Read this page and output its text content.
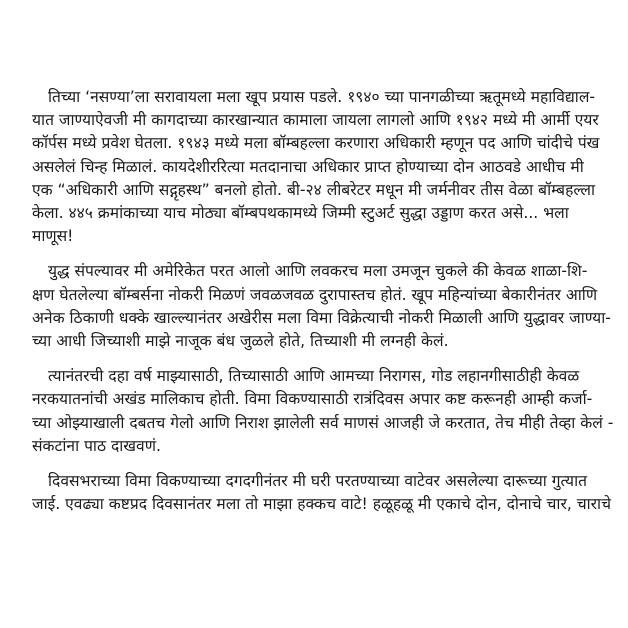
तिच्या ‘नसण्या’ला सरावायला मला खूप प्रयास पडले. १९४० च्या पानगळीच्या ऋतूमध्ये महाविद्याल-
यात जाण्याऐवजी मी कागदाच्या कारखान्यात कामाला जायला लागलो आणि १९४२ मध्ये मी आर्मी एयर
कॉर्पस मध्ये प्रवेश घेतला. १९४३ मध्ये मला बॉम्बहल्ला करणारा अधिकारी म्हणून पद आणि चांदीचे पंख
असलेलं चिन्ह मिळालं. कायदेशीररित्या मतदानाचा अधिकार प्राप्त होण्याच्या दोन आठवडे आधीच मी
एक “अधिकारी आणि सद्गृहस्थ” बनलो होतो. बी-२४ लीबरेटर मधून मी जर्मनीवर तीस वेळा बॉम्बहल्ला
केला. ४४५ क्रमांकाच्या याच मोठ्या बॉम्बपथकामध्ये जिम्मी स्टुअर्ट सुद्धा उड्डाण करत असे... भला
माणूस!

युद्ध संपल्यावर मी अमेरिकेत परत आलो आणि लवकरच मला उमजून चुकले की केवळ शाळा-शि-
क्षण घेतलेल्या बॉम्बर्सना नोकरी मिळणं जवळजवळ दुरापास्तच होतं. खूप महिन्यांच्या बेकारीनंतर आणि
अनेक ठिकाणी धक्के खाल्ल्यानंतर अखेरीस मला विमा विक्रेत्याची नोकरी मिळाली आणि युद्धावर जाण्या-
च्या आधी जिच्याशी माझे नाजूक बंध जुळले होते, तिच्याशी मी लग्नही केलं.

त्यानंतरची दहा वर्ष माझ्यासाठी, तिच्यासाठी आणि आमच्या निरागस, गोड लहानगीसाठीही केवळ
नरकयातनांची अखंड मालिकाच होती. विमा विकण्यासाठी रात्रंदिवस अपार कष्ट करूनही आम्ही कर्जा-
च्या ओझ्याखाली दबतच गेलो आणि निराश झालेली सर्व माणसं आजही जे करतात, तेच मीही तेव्हा केलं -
संकटांना पाठ दाखवणं.

दिवसभराच्या विमा विकण्याच्या दगदगीनंतर मी घरी परतण्याच्या वाटेवर असलेल्या दारूच्या गुत्यात
जाई. एवढ्या कष्टप्रद दिवसानंतर मला तो माझा हक्कच वाटे! हळूहळू मी एकाचे दोन, दोनाचे चार, चाराचे
